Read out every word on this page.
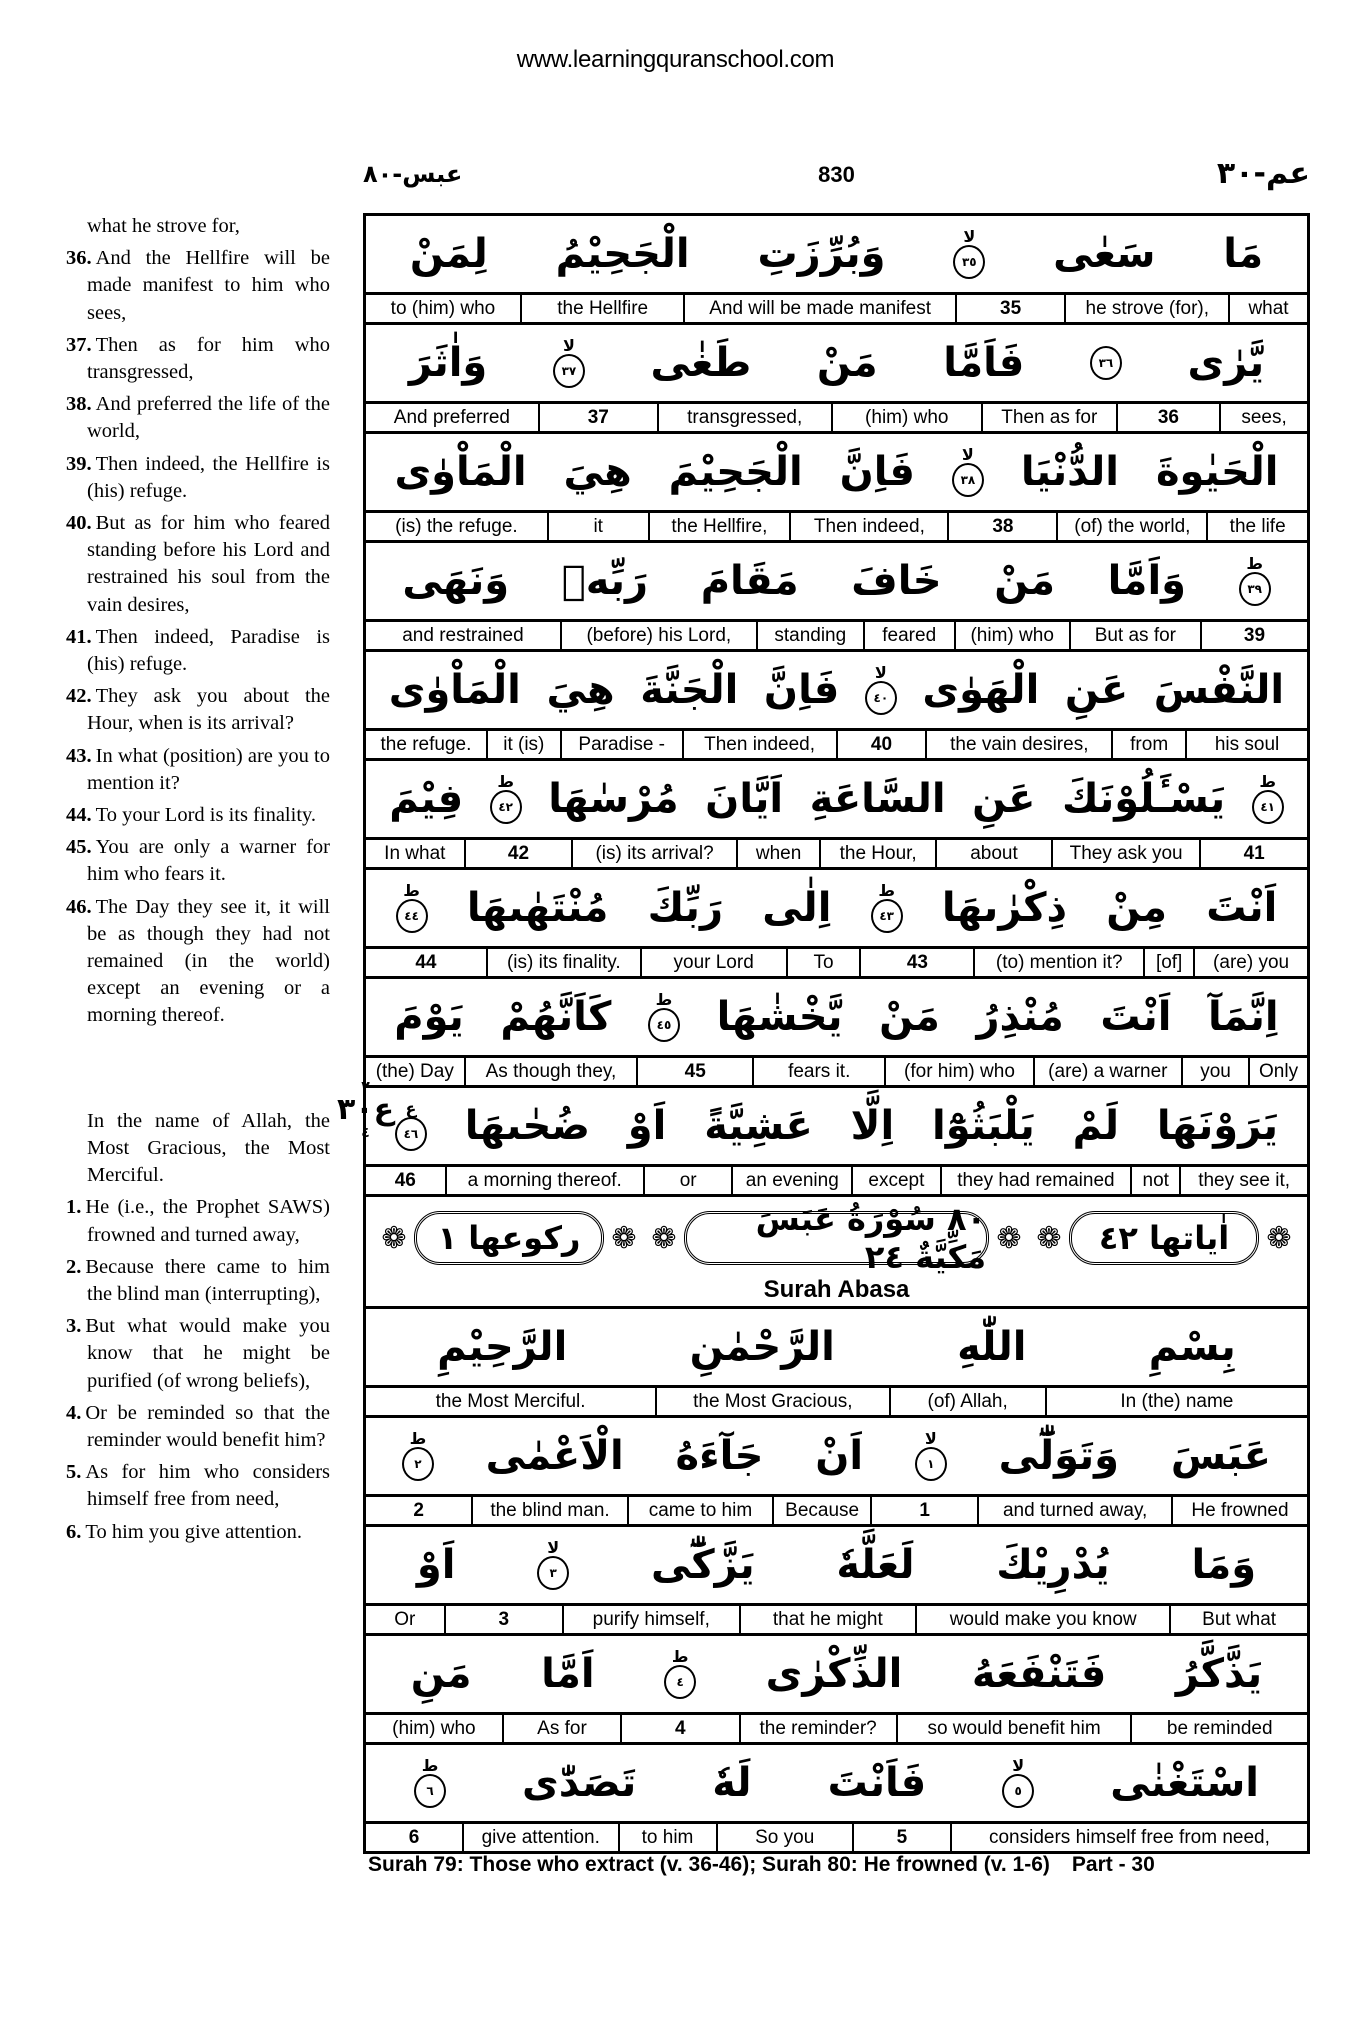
www.learningquranschool.com
عبس-٨٠	830	عم-٣٠

what he strove for,

36. And the Hellfire will be made manifest to him who sees,

37. Then as for him who transgressed,

38. And preferred the life of the world,

39. Then indeed, the Hellfire is (his) refuge.

40. But as for him who feared standing before his Lord and restrained his soul from the vain desires,

41. Then indeed, Paradise is (his) refuge.

42. They ask you about the Hour, when is its arrival?

43. In what (position) are you to mention it?

44. To your Lord is its finality.

45. You are only a warner for him who fears it.

46. The Day they see it, it will be as though they had not remained (in the world) except an evening or a morning thereof.

In the name of Allah, the Most Gracious, the Most Merciful.

1. He (i.e., the Prophet SAWS) frowned and turned away,

2. Because there came to him the blind man (interrupting),

3. But what would make you know that he might be purified (of wrong beliefs),

4. Or be reminded so that the reminder would benefit him?

5. As for him who considers himself free from need,

6. To him you give attention.

٢
ع٣٠
٤
مَا
سَعٰى
لا
٣٥
وَبُرِّزَتِ
الْجَحِيْمُ
لِمَنْ
what
he strove (for),
35
And will be made manifest
the Hellfire
to (him) who
يَّرٰى
٣٦
فَاَمَّا
مَنْ
طَغٰى
لا
٣٧
وَاٰثَرَ
sees,
36
Then as for
(him) who
transgressed,
37
And preferred
الْحَيٰوةَ
الدُّنْيَا
لا
٣٨
فَاِنَّ
الْجَحِيْمَ
هِيَ
الْمَاْوٰى
the life
(of) the world,
38
Then indeed,
the Hellfire,
it
(is) the refuge.
ط
٣٩
وَاَمَّا
مَنْ
خَافَ
مَقَامَ
رَبِّهٖ
وَنَهَى
39
But as for
(him) who
feared
standing
(before) his Lord,
and restrained
النَّفْسَ
عَنِ
الْهَوٰى
لا
٤٠
فَاِنَّ
الْجَنَّةَ
هِيَ
الْمَاْوٰى
his soul
from
the vain desires,
40
Then indeed,
Paradise -
it (is)
the refuge.
ط
٤١
يَسْـَٔلُوْنَكَ
عَنِ
السَّاعَةِ
اَيَّانَ
مُرْسٰهَا
ط
٤٢
فِيْمَ
41
They ask you
about
the Hour,
when
(is) its arrival?
42
In what
اَنْتَ
مِنْ
ذِكْرٰىهَا
ط
٤٣
اِلٰى
رَبِّكَ
مُنْتَهٰىهَا
ط
٤٤
(are) you
[of]
(to) mention it?
43
To
your Lord
(is) its finality.
44
اِنَّمَآ
اَنْتَ
مُنْذِرُ
مَنْ
يَّخْشٰهَا
ط
٤٥
كَاَنَّهُمْ
يَوْمَ
Only
you
(are) a warner
(for him) who
fears it.
45
As though they,
(the) Day
يَرَوْنَهَا
لَمْ
يَلْبَثُوْٓا
اِلَّا
عَشِيَّةً
اَوْ
ضُحٰىهَا
ع
٤٦
they see it,
not
they had remained
except
an evening
or
a morning thereof.
46
❁
اٰياتها ٤٢
❁
❁
٨٠ سُوْرَةُ عَبَسَ مَكِّيَّةٌ ٢٤
❁
❁
ركوعها ١
❁
Surah Abasa
بِسْمِ
اللّٰهِ
الرَّحْمٰنِ
الرَّحِيْمِ
In (the) name
(of) Allah,
the Most Gracious,
the Most Merciful.
عَبَسَ
وَتَوَلّٰٓى
لا
١
اَنْ
جَآءَهُ
الْاَعْمٰى
ط
٢
He frowned
and turned away,
1
Because
came to him
the blind man.
2
وَمَا
يُدْرِيْكَ
لَعَلَّهٗ
يَزَّكّٰٓى
لا
٣
اَوْ
But what
would make you know
that he might
purify himself,
3
Or
يَذَّكَّرُ
فَتَنْفَعَهُ
الذِّكْرٰى
ط
٤
اَمَّا
مَنِ
be reminded
so would benefit him
the reminder?
4
As for
(him) who
اسْتَغْنٰى
لا
٥
فَاَنْتَ
لَهٗ
تَصَدّٰى
ط
٦
considers himself free from need,
5
So you
to him
give attention.
6
Surah 79: Those who extract (v. 36-46); Surah 80: He frowned (v. 1-6) Part - 30
